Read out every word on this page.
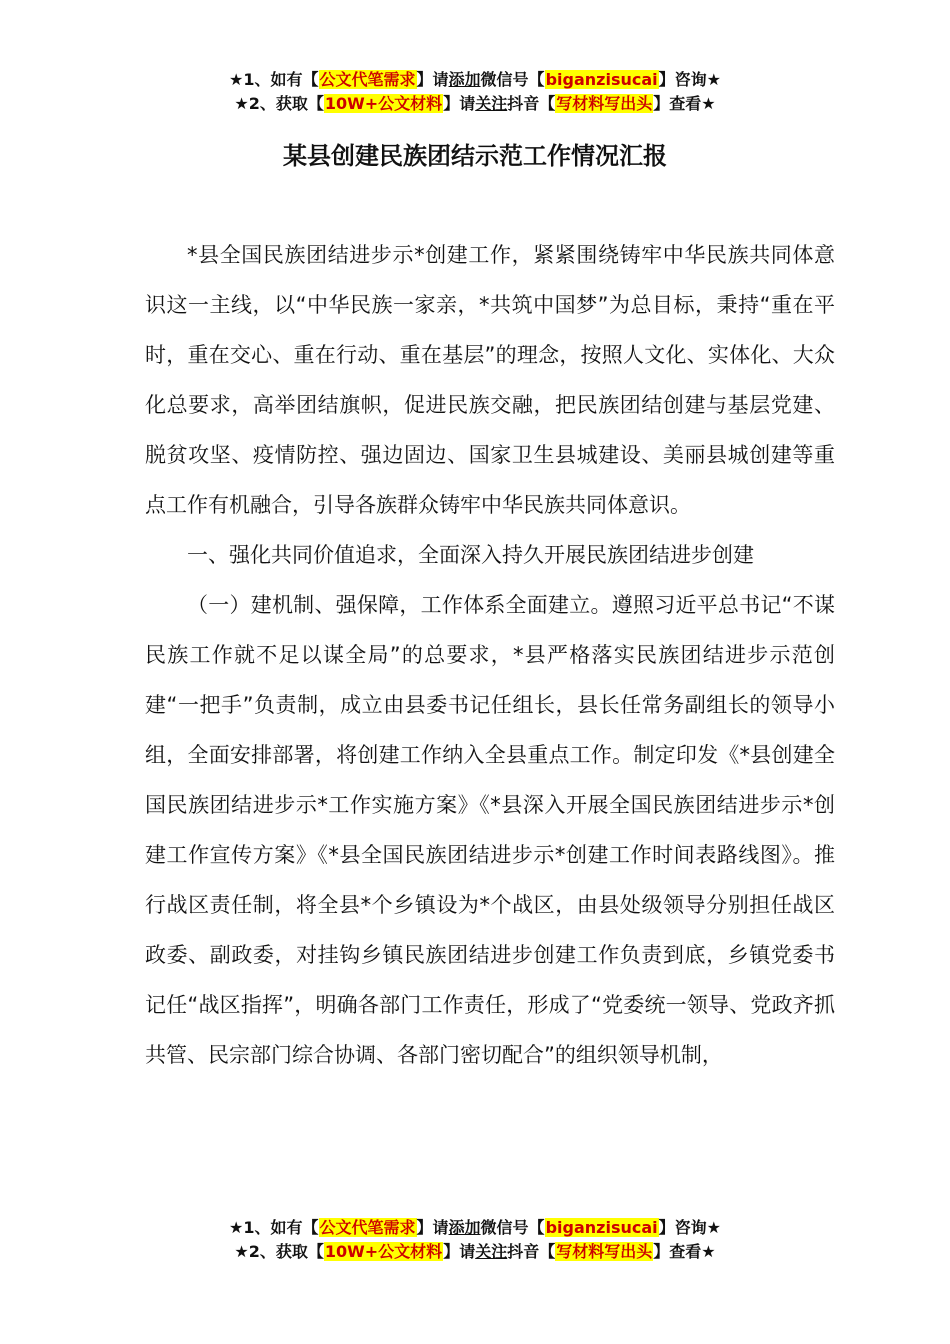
★1、如有【公文代笔需求】请添加微信号【biganzisucai】咨询★
★2、获取【10W+公文材料】请关注抖音【写材料写出头】查看★
某县创建民族团结示范工作情况汇报

*县全国民族团结进步示*创建工作，紧紧围绕铸牢中华民族共同体意识这一主线，以“中华民族一家亲，*共筑中国梦”为总目标，秉持“重在平时，重在交心、重在行动、重在基层”的理念，按照人文化、实体化、大众化总要求，高举团结旗帜，促进民族交融，把民族团结创建与基层党建、脱贫攻坚、疫情防控、强边固边、国家卫生县城建设、美丽县城创建等重点工作有机融合，引导各族群众铸牢中华民族共同体意识。

一、强化共同价值追求，全面深入持久开展民族团结进步创建

（一）建机制、强保障，工作体系全面建立。遵照习近平总书记“不谋民族工作就不足以谋全局”的总要求，*县严格落实民族团结进步示范创建“一把手”负责制，成立由县委书记任组长，县长任常务副组长的领导小组，全面安排部署，将创建工作纳入全县重点工作。制定印发《*县创建全国民族团结进步示*工作实施方案》《*县深入开展全国民族团结进步示*创建工作宣传方案》《*县全国民族团结进步示*创建工作时间表路线图》。推行战区责任制，将全县*个乡镇设为*个战区，由县处级领导分别担任战区政委、副政委，对挂钩乡镇民族团结进步创建工作负责到底，乡镇党委书记任“战区指挥”，明确各部门工作责任，形成了“党委统一领导、党政齐抓共管、民宗部门综合协调、各部门密切配合”的组织领导机制，

★1、如有【公文代笔需求】请添加微信号【biganzisucai】咨询★
★2、获取【10W+公文材料】请关注抖音【写材料写出头】查看★
